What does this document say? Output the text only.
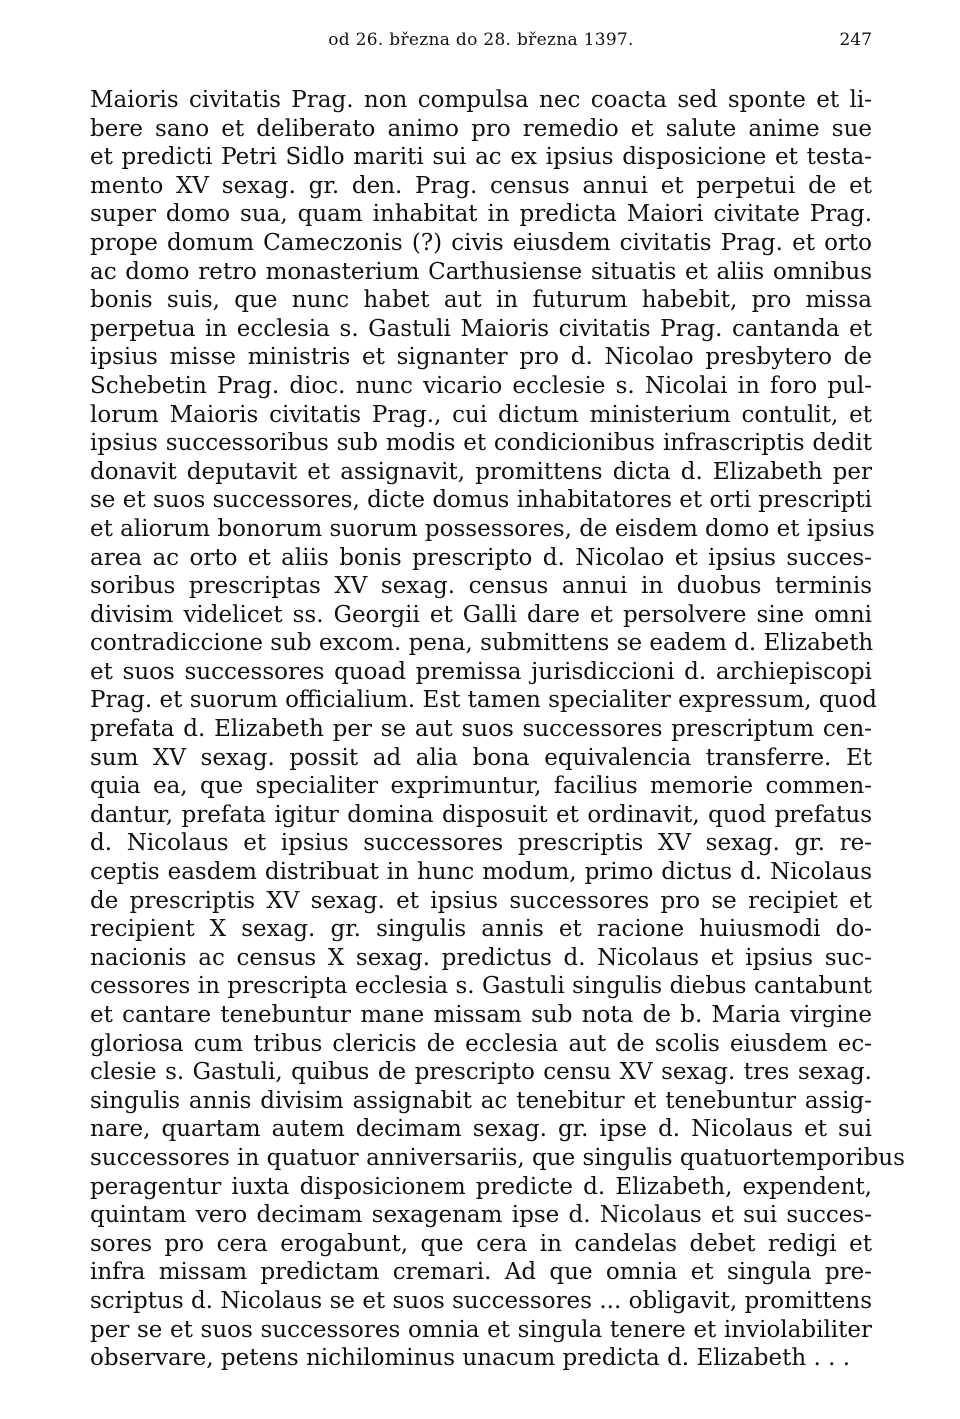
od 26. března do 28. března 1397.	247
Maioris civitatis Prag. non compulsa nec coacta sed sponte et li-
bere sano et deliberato animo pro remedio et salute anime sue
et predicti Petri Sidlo mariti sui ac ex ipsius disposicione et testa-
mento XV sexag. gr. den. Prag. census annui et perpetui de et
super domo sua, quam inhabitat in predicta Maiori civitate Prag.
prope domum Cameczonis (?) civis eiusdem civitatis Prag. et orto
ac domo retro monasterium Carthusiense situatis et aliis omnibus
bonis suis, que nunc habet aut in futurum habebit, pro missa
perpetua in ecclesia s. Gastuli Maioris civitatis Prag. cantanda et
ipsius misse ministris et signanter pro d. Nicolao presbytero de
Schebetin Prag. dioc. nunc vicario ecclesie s. Nicolai in foro pul-
lorum Maioris civitatis Prag., cui dictum ministerium contulit, et
ipsius successoribus sub modis et condicionibus infrascriptis dedit
donavit deputavit et assignavit, promittens dicta d. Elizabeth per
se et suos successores, dicte domus inhabitatores et orti prescripti
et aliorum bonorum suorum possessores, de eisdem domo et ipsius
area ac orto et aliis bonis prescripto d. Nicolao et ipsius succes-
soribus prescriptas XV sexag. census annui in duobus terminis
divisim videlicet ss. Georgii et Galli dare et persolvere sine omni
contradiccione sub excom. pena, submittens se eadem d. Elizabeth
et suos successores quoad premissa jurisdiccioni d. archiepiscopi
Prag. et suorum officialium. Est tamen specialiter expressum, quod
prefata d. Elizabeth per se aut suos successores prescriptum cen-
sum XV sexag. possit ad alia bona equivalencia transferre. Et
quia ea, que specialiter exprimuntur, facilius memorie commen-
dantur, prefata igitur domina disposuit et ordinavit, quod prefatus
d. Nicolaus et ipsius successores prescriptis XV sexag. gr. re-
ceptis easdem distribuat in hunc modum, primo dictus d. Nicolaus
de prescriptis XV sexag. et ipsius successores pro se recipiet et
recipient X sexag. gr. singulis annis et racione huiusmodi do-
nacionis ac census X sexag. predictus d. Nicolaus et ipsius suc-
cessores in prescripta ecclesia s. Gastuli singulis diebus cantabunt
et cantare tenebuntur mane missam sub nota de b. Maria virgine
gloriosa cum tribus clericis de ecclesia aut de scolis eiusdem ec-
clesie s. Gastuli, quibus de prescripto censu XV sexag. tres sexag.
singulis annis divisim assignabit ac tenebitur et tenebuntur assig-
nare, quartam autem decimam sexag. gr. ipse d. Nicolaus et sui
successores in quatuor anniversariis, que singulis quatuortemporibus
peragentur iuxta disposicionem predicte d. Elizabeth, expendent,
quintam vero decimam sexagenam ipse d. Nicolaus et sui succes-
sores pro cera erogabunt, que cera in candelas debet redigi et
infra missam predictam cremari. Ad que omnia et singula pre-
scriptus d. Nicolaus se et suos successores ... obligavit, promittens
per se et suos successores omnia et singula tenere et inviolabiliter
observare, petens nichilominus unacum predicta d. Elizabeth . . .
